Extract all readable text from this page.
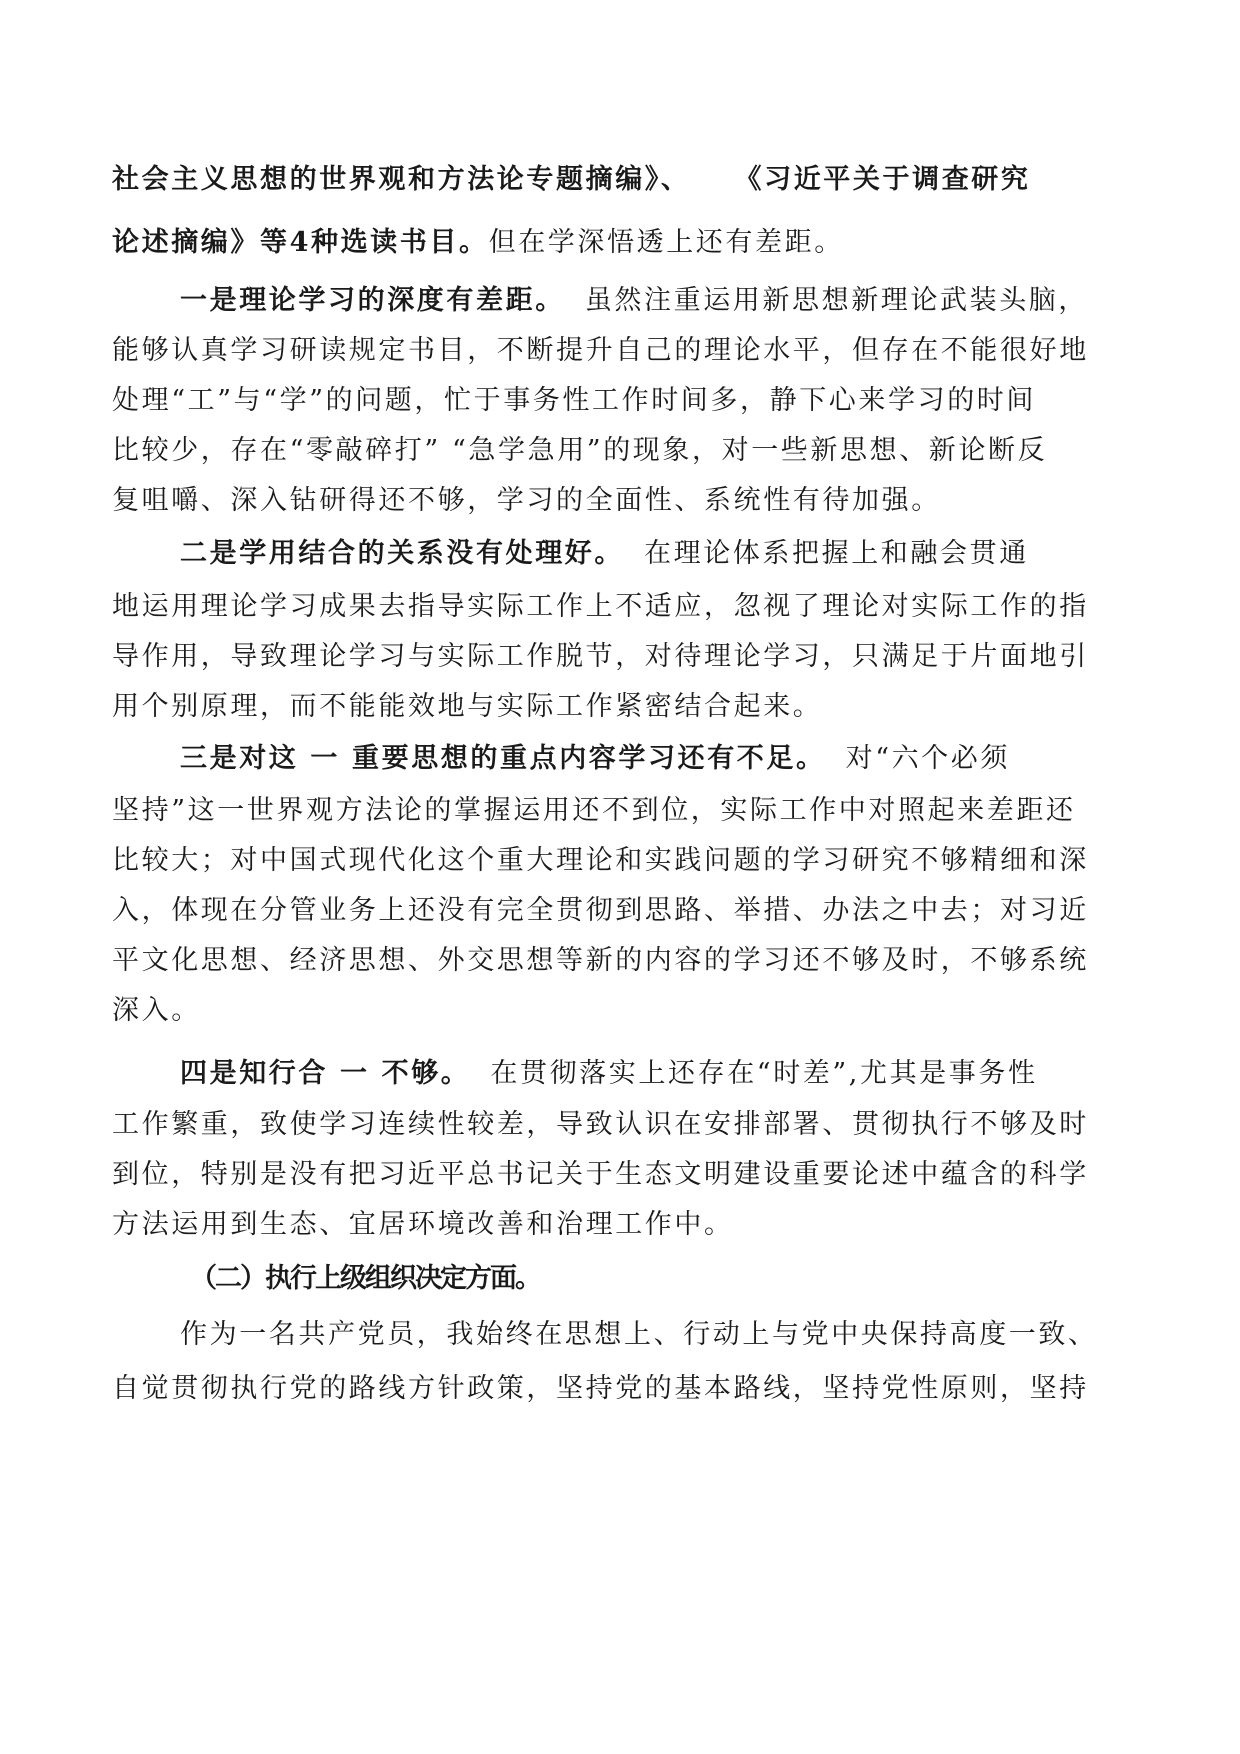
社会主义思想的世界观和方法论专题摘编》、 《习近平关于调查研究
论述摘编》等4种选读书目。但在学深悟透上还有差距。
一是理论学习的深度有差距。 虽然注重运用新思想新理论武装头脑，
能够认真学习研读规定书目，不断提升自己的理论水平，但存在不能很好地
处理“工”与“学”的问题，忙于事务性工作时间多，静下心来学习的时间
比较少，存在“零敲碎打” “急学急用”的现象，对一些新思想、新论断反
复咀嚼、深入钻研得还不够，学习的全面性、系统性有待加强。
二是学用结合的关系没有处理好。 在理论体系把握上和融会贯通
地运用理论学习成果去指导实际工作上不适应，忽视了理论对实际工作的指
导作用，导致理论学习与实际工作脱节，对待理论学习，只满足于片面地引
用个别原理，而不能能效地与实际工作紧密结合起来。
三是对这 一 重要思想的重点内容学习还有不足。 对“六个必须
坚持”这一世界观方法论的掌握运用还不到位，实际工作中对照起来差距还
比较大；对中国式现代化这个重大理论和实践问题的学习研究不够精细和深
入，体现在分管业务上还没有完全贯彻到思路、举措、办法之中去；对习近
平文化思想、经济思想、外交思想等新的内容的学习还不够及时，不够系统
深入。
四是知行合 一 不够。 在贯彻落实上还存在“时差”,尤其是事务性
工作繁重，致使学习连续性较差，导致认识在安排部署、贯彻执行不够及时
到位，特别是没有把习近平总书记关于生态文明建设重要论述中蕴含的科学
方法运用到生态、宜居环境改善和治理工作中。
（二）执行上级组织决定方面。
作为一名共产党员，我始终在思想上、行动上与党中央保持高度一致、
自觉贯彻执行党的路线方针政策，坚持党的基本路线，坚持党性原则，坚持
